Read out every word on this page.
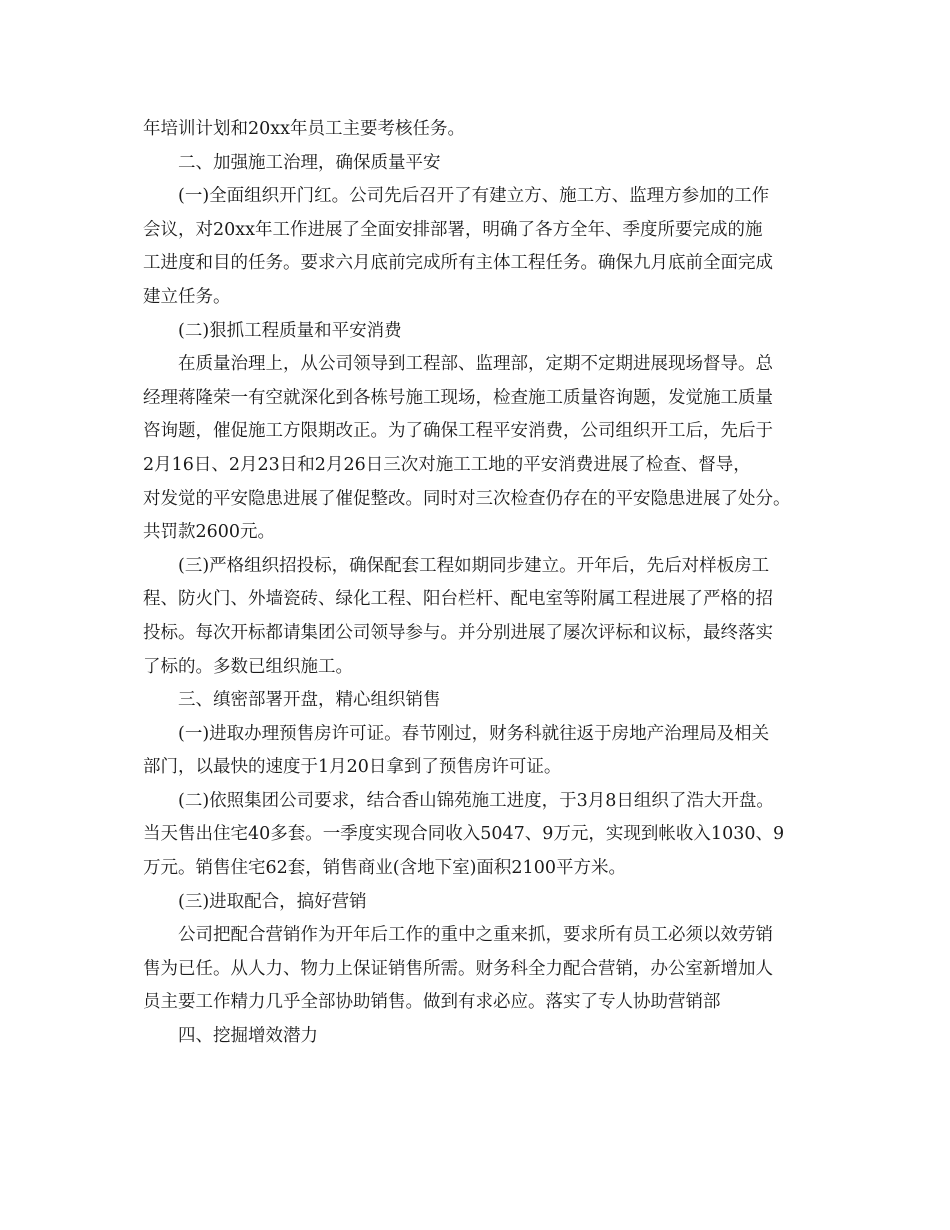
年培训计划和20xx年员工主要考核任务。
二、加强施工治理，确保质量平安
(一)全面组织开门红。公司先后召开了有建立方、施工方、监理方参加的工作
会议，对20xx年工作进展了全面安排部署，明确了各方全年、季度所要完成的施
工进度和目的任务。要求六月底前完成所有主体工程任务。确保九月底前全面完成
建立任务。
(二)狠抓工程质量和平安消费
在质量治理上，从公司领导到工程部、监理部，定期不定期进展现场督导。总
经理蒋隆荣一有空就深化到各栋号施工现场，检查施工质量咨询题，发觉施工质量
咨询题，催促施工方限期改正。为了确保工程平安消费，公司组织开工后，先后于
2月16日、2月23日和2月26日三次对施工工地的平安消费进展了检查、督导，
对发觉的平安隐患进展了催促整改。同时对三次检查仍存在的平安隐患进展了处分。
共罚款2600元。
(三)严格组织招投标，确保配套工程如期同步建立。开年后，先后对样板房工
程、防火门、外墙瓷砖、绿化工程、阳台栏杆、配电室等附属工程进展了严格的招
投标。每次开标都请集团公司领导参与。并分别进展了屡次评标和议标，最终落实
了标的。多数已组织施工。
三、缜密部署开盘，精心组织销售
(一)进取办理预售房许可证。春节刚过，财务科就往返于房地产治理局及相关
部门，以最快的速度于1月20日拿到了预售房许可证。
(二)依照集团公司要求，结合香山锦苑施工进度，于3月8日组织了浩大开盘。
当天售出住宅40多套。一季度实现合同收入5047、9万元，实现到帐收入1030、9
万元。销售住宅62套，销售商业(含地下室)面积2100平方米。
(三)进取配合，搞好营销
公司把配合营销作为开年后工作的重中之重来抓，要求所有员工必须以效劳销
售为已任。从人力、物力上保证销售所需。财务科全力配合营销，办公室新增加人
员主要工作精力几乎全部协助销售。做到有求必应。落实了专人协助营销部
四、挖掘增效潜力
